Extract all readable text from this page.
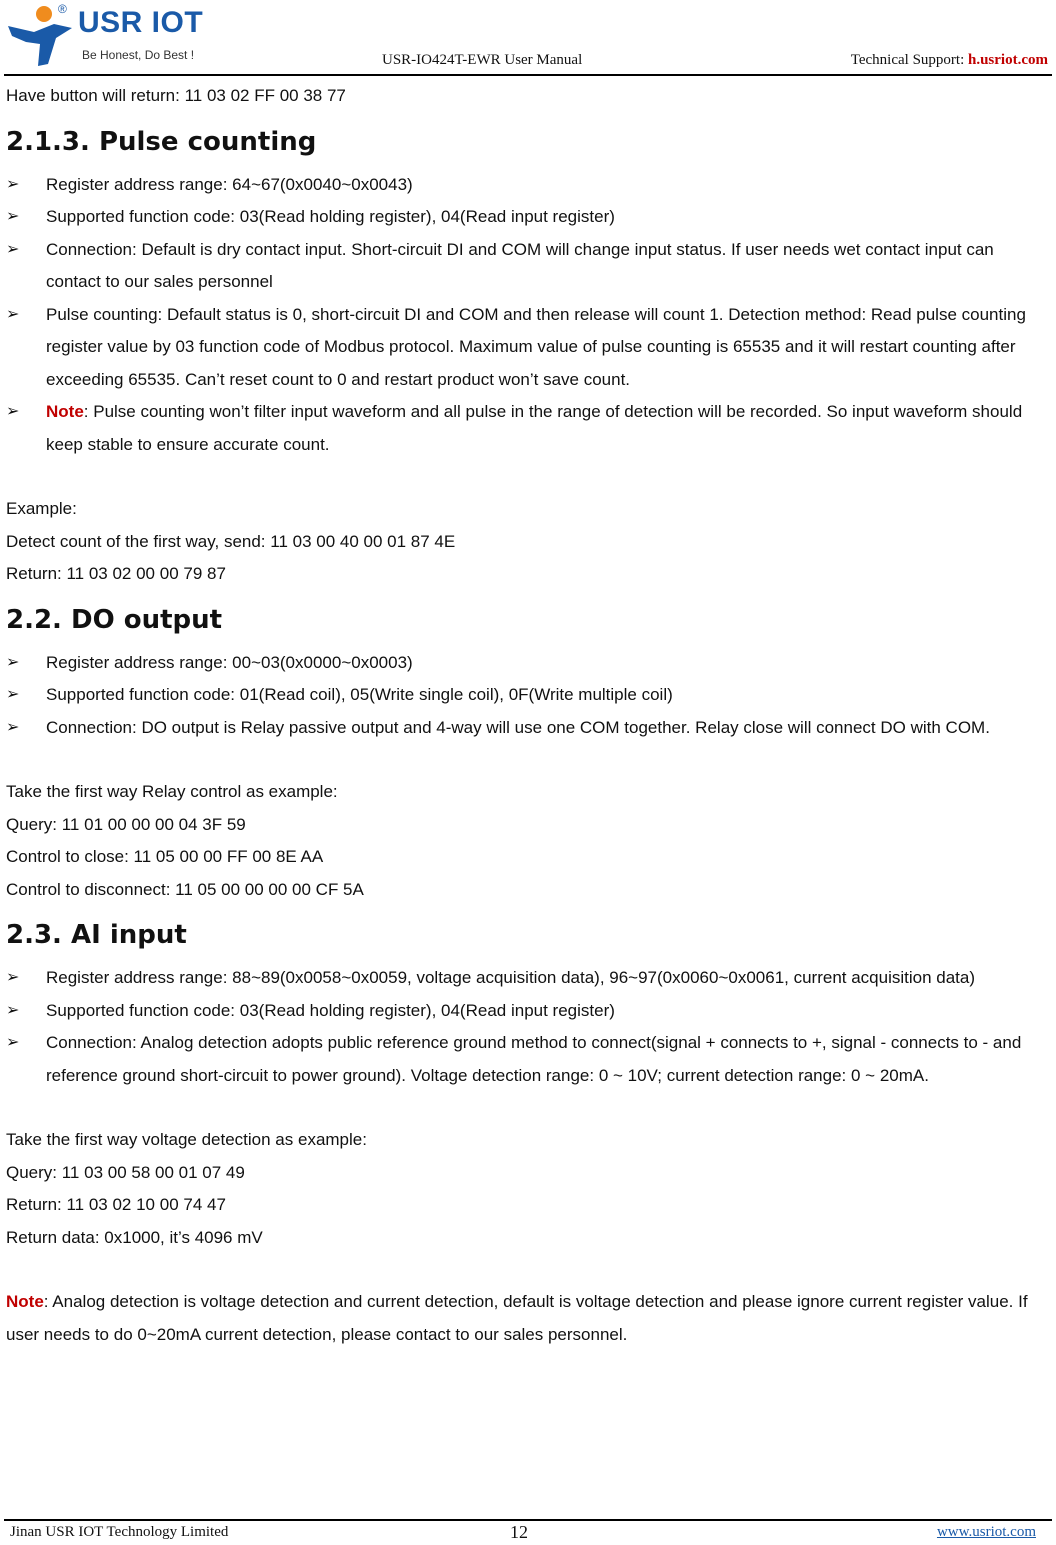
® USR IOT
Be Honest, Do Best !	USR-IO424T-EWR User Manual	Technical Support: h.usriot.com

Have button will return: 11 03 02 FF 00 38 77

2.1.3. Pulse counting
➢	Register address range: 64~67(0x0040~0x0043)
➢	Supported function code: 03(Read holding register), 04(Read input register)
➢	Connection: Default is dry contact input. Short-circuit DI and COM will change input status. If user needs wet contact input can contact to our sales personnel
➢	Pulse counting: Default status is 0, short-circuit DI and COM and then release will count 1. Detection method: Read pulse counting register value by 03 function code of Modbus protocol. Maximum value of pulse counting is 65535 and it will restart counting after exceeding 65535. Can’t reset count to 0 and restart product won’t save count.
➢	Note: Pulse counting won’t filter input waveform and all pulse in the range of detection will be recorded. So input waveform should keep stable to ensure accurate count.

Example:

Detect count of the first way, send: 11 03 00 40 00 01 87 4E

Return: 11 03 02 00 00 79 87

2.2. DO output
➢	Register address range: 00~03(0x0000~0x0003)
➢	Supported function code: 01(Read coil), 05(Write single coil), 0F(Write multiple coil)
➢	Connection: DO output is Relay passive output and 4-way will use one COM together. Relay close will connect DO with COM.

Take the first way Relay control as example:

Query: 11 01 00 00 00 04 3F 59

Control to close: 11 05 00 00 FF 00 8E AA

Control to disconnect: 11 05 00 00 00 00 CF 5A

2.3. AI input
➢	Register address range: 88~89(0x0058~0x0059, voltage acquisition data), 96~97(0x0060~0x0061, current acquisition data)
➢	Supported function code: 03(Read holding register), 04(Read input register)
➢	Connection: Analog detection adopts public reference ground method to connect(signal + connects to +, signal - connects to - and reference ground short-circuit to power ground). Voltage detection range: 0 ~ 10V; current detection range: 0 ~ 20mA.

Take the first way voltage detection as example:

Query: 11 03 00 58 00 01 07 49

Return: 11 03 02 10 00 74 47

Return data: 0x1000, it’s 4096 mV

Note: Analog detection is voltage detection and current detection, default is voltage detection and please ignore current register value. If user needs to do 0~20mA current detection, please contact to our sales personnel.

Jinan USR IOT Technology Limited	12	www.usriot.com
